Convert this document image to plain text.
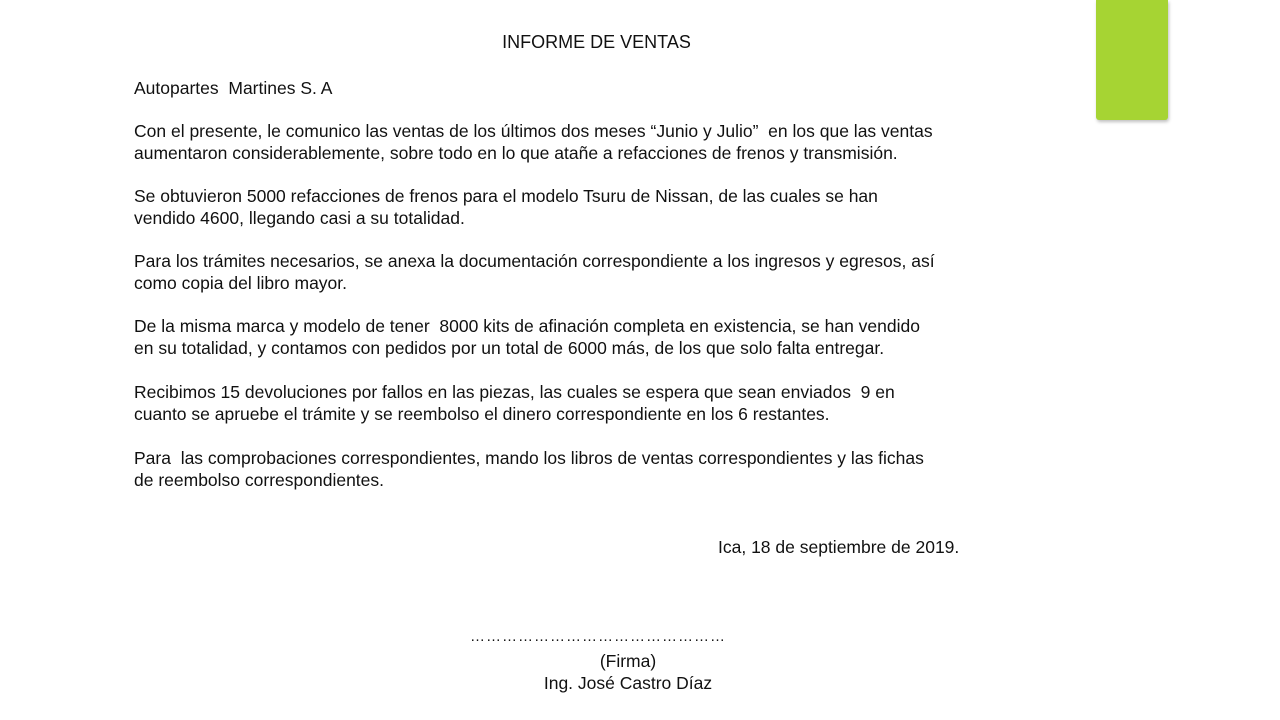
INFORME DE VENTAS
Autopartes  Martines S. A

Con el presente, le comunico las ventas de los últimos dos meses “Junio y Julio”  en los que las ventas
aumentaron considerablemente, sobre todo en lo que atañe a refacciones de frenos y transmisión.

Se obtuvieron 5000 refacciones de frenos para el modelo Tsuru de Nissan, de las cuales se han
vendido 4600, llegando casi a su totalidad.

Para los trámites necesarios, se anexa la documentación correspondiente a los ingresos y egresos, así
como copia del libro mayor.

De la misma marca y modelo de tener  8000 kits de afinación completa en existencia, se han vendido
en su totalidad, y contamos con pedidos por un total de 6000 más, de los que solo falta entregar.

Recibimos 15 devoluciones por fallos en las piezas, las cuales se espera que sean enviados  9 en
cuanto se apruebe el trámite y se reembolso el dinero correspondiente en los 6 restantes.

Para  las comprobaciones correspondientes, mando los libros de ventas correspondientes y las fichas
de reembolso correspondientes.

Ica, 18 de septiembre de 2019.
…………………………………………
(Firma)
Ing. José Castro Díaz
